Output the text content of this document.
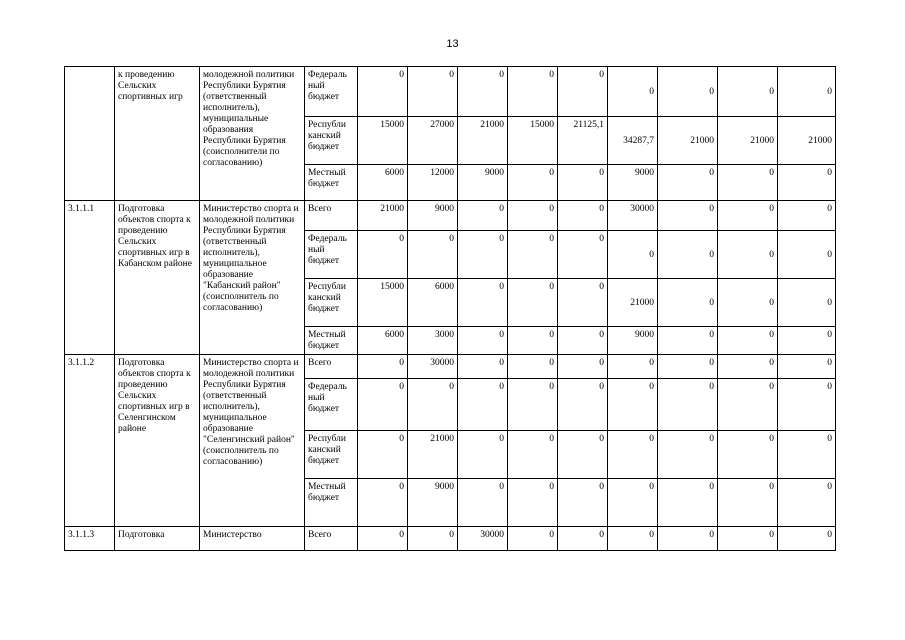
13
	к проведению Сельских спортивных игр	молодежной политики Республики Бурятия (ответственный исполнитель), муниципальные образования Республики Бурятия (соисполнители по согласованию)	Федераль ный бюджет	0	0	0	0	0	0	0	0	0
			Республи канский бюджет	15000	27000	21000	15000	21125,1	34287,7	21000	21000	21000
			Местный бюджет	6000	12000	9000	0	0	9000	0	0	0
3.1.1.1	Подготовка объектов спорта к проведению Сельских спортивных игр в Кабанском районе	Министерство спорта и молодежной политики Республики Бурятия (ответственный исполнитель), муниципальное образование "Кабанский район" (соисполнитель по согласованию)	Всего	21000	9000	0	0	0	30000	0	0	0
			Федераль ный бюджет	0	0	0	0	0	0	0	0	0
			Республи канский бюджет	15000	6000	0	0	0	21000	0	0	0
			Местный бюджет	6000	3000	0	0	0	9000	0	0	0
3.1.1.2	Подготовка объектов спорта к проведению Сельских спортивных игр в Селенгинском районе	Министерство спорта и молодежной политики Республики Бурятия (ответственный исполнитель), муниципальное образование "Селенгинский район" (соисполнитель по согласованию)	Всего	0	30000	0	0	0	0	0	0	0
			Федераль ный бюджет	0	0	0	0	0	0	0	0	0
			Республи канский бюджет	0	21000	0	0	0	0	0	0	0
			Местный бюджет	0	9000	0	0	0	0	0	0	0
3.1.1.3	Подготовка	Министерство	Всего	0	0	30000	0	0	0	0	0	0
